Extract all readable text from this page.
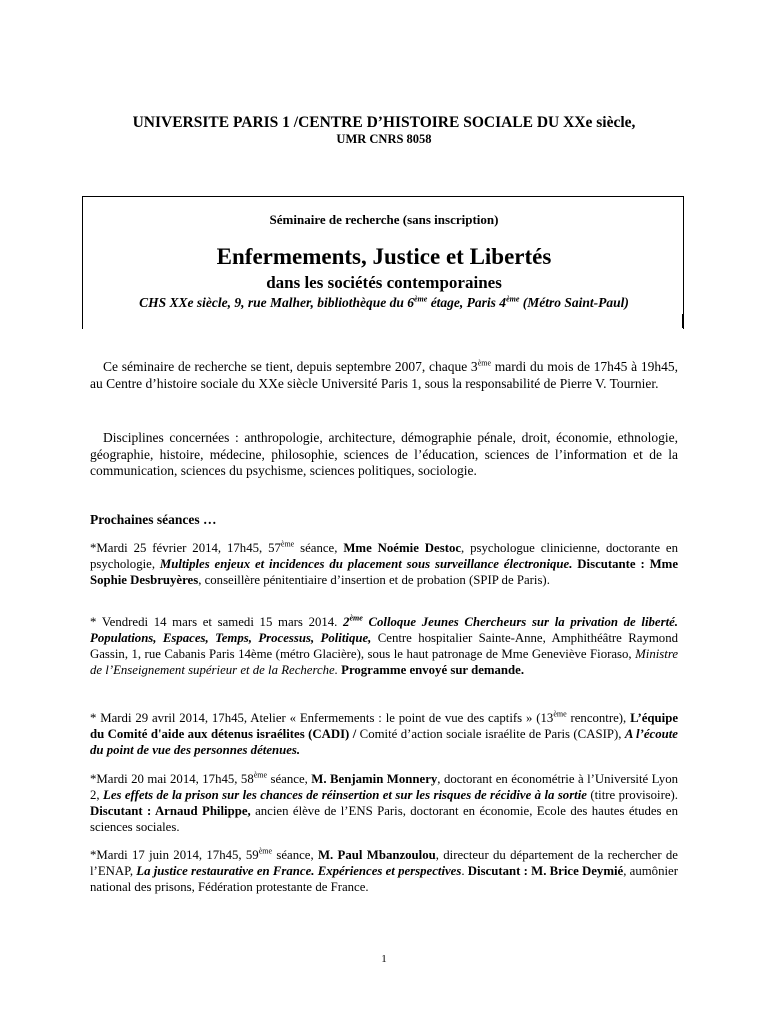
UNIVERSITE PARIS 1 /CENTRE D’HISTOIRE SOCIALE DU XXe siècle,
UMR CNRS 8058
Séminaire de recherche (sans inscription)
Enfermements, Justice et Libertés
dans les sociétés contemporaines
CHS XXe siècle, 9, rue Malher, bibliothèque du 6ème étage, Paris 4ème (Métro Saint-Paul)
Ce séminaire de recherche se tient, depuis septembre 2007, chaque 3ème mardi du mois de 17h45 à 19h45, au Centre d’histoire sociale du XXe siècle Université Paris 1, sous la responsabilité de Pierre V. Tournier.
Disciplines concernées : anthropologie, architecture, démographie pénale, droit, économie, ethnologie, géographie, histoire, médecine, philosophie, sciences de l’éducation, sciences de l’information et de la communication, sciences du psychisme, sciences politiques, sociologie.
Prochaines séances …
*Mardi 25 février 2014, 17h45, 57ème séance, Mme Noémie Destoc, psychologue clinicienne, doctorante en psychologie, Multiples enjeux et incidences du placement sous surveillance électronique. Discutante : Mme Sophie Desbruyères, conseillère pénitentiaire d’insertion et de probation (SPIP de Paris).
* Vendredi 14 mars et samedi 15 mars 2014. 2ème Colloque Jeunes Chercheurs sur la privation de liberté. Populations, Espaces, Temps, Processus, Politique, Centre hospitalier Sainte-Anne, Amphithéâtre Raymond Gassin, 1, rue Cabanis Paris 14ème (métro Glacière), sous le haut patronage de Mme Geneviève Fioraso, Ministre de l’Enseignement supérieur et de la Recherche. Programme envoyé sur demande.
* Mardi 29 avril 2014, 17h45, Atelier « Enfermements : le point de vue des captifs » (13ème rencontre), L’équipe du Comité d'aide aux détenus israélites (CADI) / Comité d’action sociale israélite de Paris (CASIP), A l’écoute du point de vue des personnes détenues.
*Mardi 20 mai 2014, 17h45, 58ème séance, M. Benjamin Monnery, doctorant en économétrie à l’Université Lyon 2, Les effets de la prison sur les chances de réinsertion et sur les risques de récidive à la sortie (titre provisoire). Discutant : Arnaud Philippe, ancien élève de l’ENS Paris, doctorant en économie, Ecole des hautes études en sciences sociales.
*Mardi 17 juin 2014, 17h45, 59ème séance, M. Paul Mbanzoulou, directeur du département de la rechercher de l’ENAP, La justice restaurative en France. Expériences et perspectives. Discutant : M. Brice Deymié, aumônier national des prisons, Fédération protestante de France.
1
